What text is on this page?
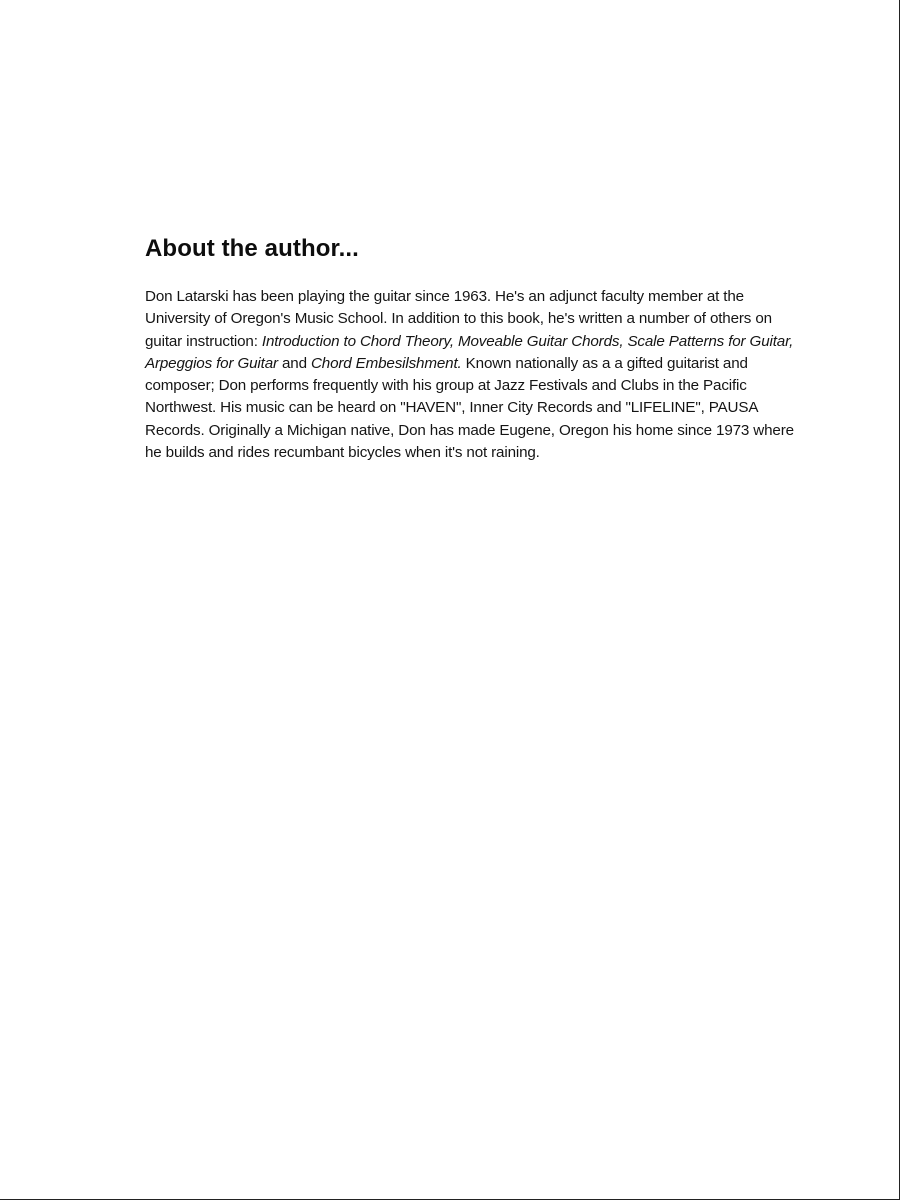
About the author...

Don Latarski has been playing the guitar since 1963. He's an adjunct faculty member at the University of Oregon's Music School. In addition to this book, he's written a number of others on guitar instruction: Introduction to Chord Theory, Moveable Guitar Chords, Scale Patterns for Guitar, Arpeggios for Guitar and Chord Embesilshment. Known nationally as a a gifted guitarist and composer; Don performs frequently with his group at Jazz Festivals and Clubs in the Pacific Northwest. His music can be heard on "HAVEN", Inner City Records and "LIFELINE", PAUSA Records. Originally a Michigan native, Don has made Eugene, Oregon his home since 1973 where he builds and rides recumbant bicycles when it's not raining.
